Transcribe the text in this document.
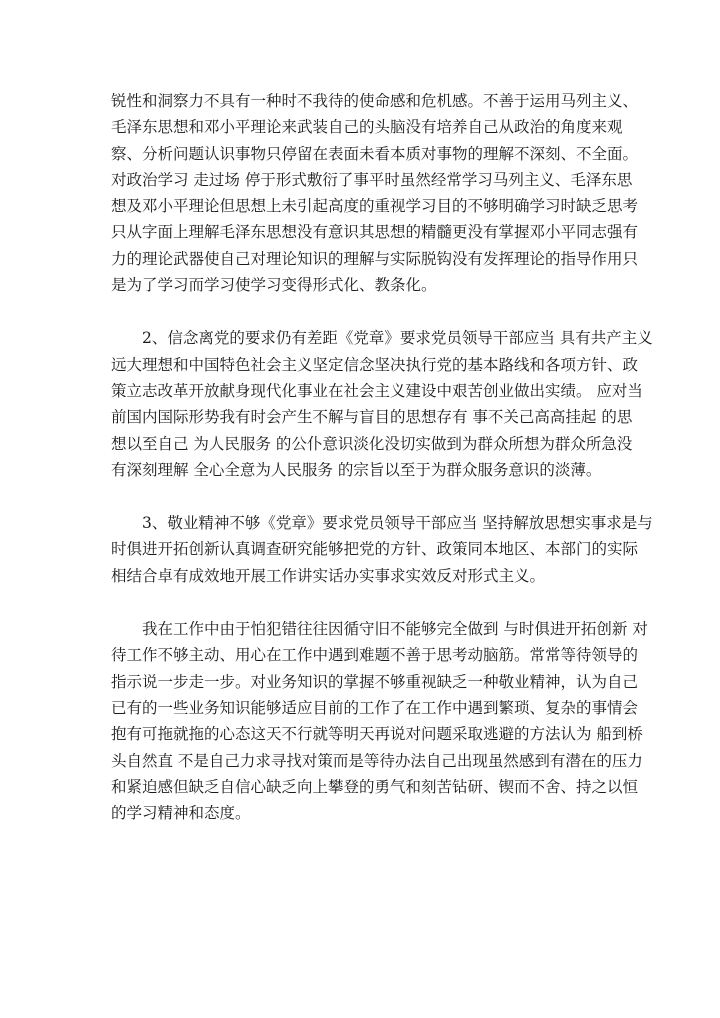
锐性和洞察力不具有一种时不我待的使命感和危机感。不善于运用马列主义、
毛泽东思想和邓小平理论来武装自己的头脑没有培养自己从政治的角度来观
察、分析问题认识事物只停留在表面未看本质对事物的理解不深刻、不全面。
对政治学习 走过场 停于形式敷衍了事平时虽然经常学习马列主义、毛泽东思
想及邓小平理论但思想上未引起高度的重视学习目的不够明确学习时缺乏思考
只从字面上理解毛泽东思想没有意识其思想的精髓更没有掌握邓小平同志强有
力的理论武器使自己对理论知识的理解与实际脱钩没有发挥理论的指导作用只
是为了学习而学习使学习变得形式化、教条化。
2、信念离党的要求仍有差距《党章》要求党员领导干部应当 具有共产主义
远大理想和中国特色社会主义坚定信念坚决执行党的基本路线和各项方针、政
策立志改革开放献身现代化事业在社会主义建设中艰苦创业做出实绩。 应对当
前国内国际形势我有时会产生不解与盲目的思想存有 事不关己高高挂起 的思
想以至自己 为人民服务 的公仆意识淡化没切实做到为群众所想为群众所急没
有深刻理解 全心全意为人民服务 的宗旨以至于为群众服务意识的淡薄。
3、敬业精神不够《党章》要求党员领导干部应当 坚持解放思想实事求是与
时俱进开拓创新认真调查研究能够把党的方针、政策同本地区、本部门的实际
相结合卓有成效地开展工作讲实话办实事求实效反对形式主义。
我在工作中由于怕犯错往往因循守旧不能够完全做到 与时俱进开拓创新 对
待工作不够主动、用心在工作中遇到难题不善于思考动脑筋。常常等待领导的
指示说一步走一步。对业务知识的掌握不够重视缺乏一种敬业精神，认为自己
已有的一些业务知识能够适应目前的工作了在工作中遇到繁琐、复杂的事情会
抱有可拖就拖的心态这天不行就等明天再说对问题采取逃避的方法认为 船到桥
头自然直 不是自己力求寻找对策而是等待办法自己出现虽然感到有潜在的压力
和紧迫感但缺乏自信心缺乏向上攀登的勇气和刻苦钻研、锲而不舍、持之以恒
的学习精神和态度。
